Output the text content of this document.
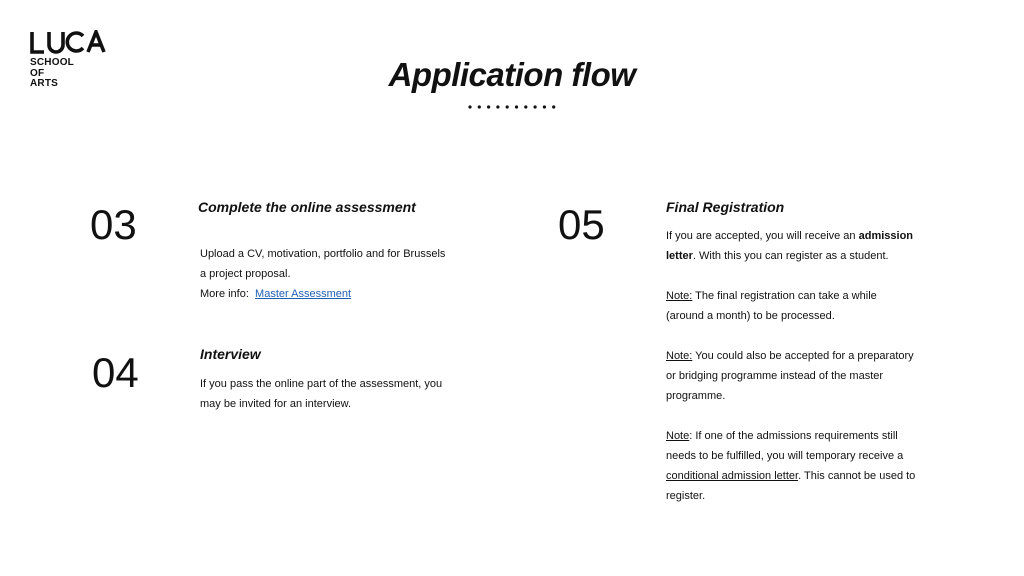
SCHOOL
OF
ARTS	Application flow
03	Complete the online assessment

Upload a CV, motivation, portfolio and for Brussels

a project proposal.

More info: Master Assessment

04	Interview

If you pass the online part of the assessment, you

may be invited for an interview.

05	Final Registration

If you are accepted, you will receive an admission

letter. With this you can register as a student.

Note: The final registration can take a while

(around a month) to be processed.

Note: You could also be accepted for a preparatory

or bridging programme instead of the master

programme.

Note: If one of the admissions requirements still

needs to be fulfilled, you will temporary receive a

conditional admission letter. This cannot be used to

register.
